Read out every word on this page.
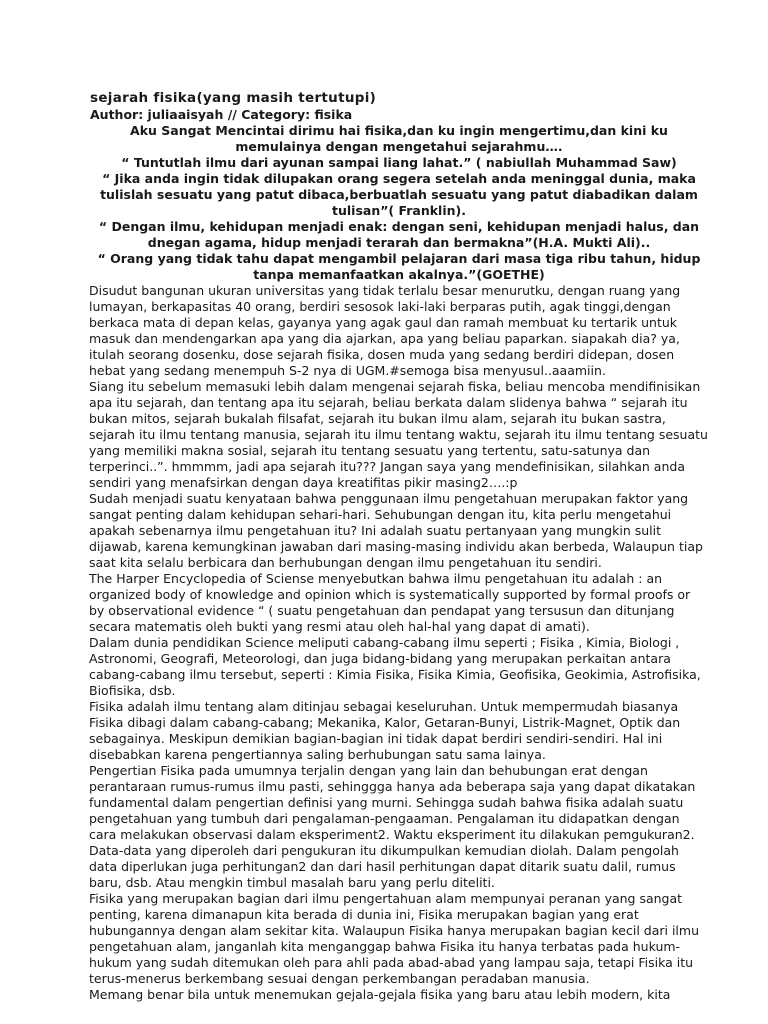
sejarah fisika(yang masih tertutupi)

Author: juliaaisyah // Category: fisika

Aku Sangat Mencintai dirimu hai fisika,dan ku ingin mengertimu,dan kini ku memulainya dengan mengetahui sejarahmu….

“ Tuntutlah ilmu dari ayunan sampai liang lahat.” ( nabiullah Muhammad Saw)

“ Jika anda ingin tidak dilupakan orang segera setelah anda meninggal dunia, maka tulislah sesuatu yang patut dibaca,berbuatlah sesuatu yang patut diabadikan dalam tulisan”( Franklin).

“ Dengan ilmu, kehidupan menjadi enak: dengan seni, kehidupan menjadi halus, dan dnegan agama, hidup menjadi terarah dan bermakna”(H.A. Mukti Ali)..

“ Orang yang tidak tahu dapat mengambil pelajaran dari masa tiga ribu tahun, hidup tanpa memanfaatkan akalnya.”(GOETHE)

Disudut bangunan ukuran universitas yang tidak terlalu besar menurutku, dengan ruang yang lumayan, berkapasitas 40 orang, berdiri sesosok laki-laki berparas putih, agak tinggi,dengan berkaca mata di depan kelas, gayanya yang agak gaul dan ramah membuat ku tertarik untuk masuk dan mendengarkan apa yang dia ajarkan, apa yang beliau paparkan. siapakah dia? ya, itulah seorang dosenku, dose sejarah fisika, dosen muda yang sedang berdiri didepan, dosen hebat yang sedang menempuh S-2 nya di UGM.#semoga bisa menyusul..aaamiin.

Siang itu sebelum memasuki lebih dalam mengenai sejarah fiska, beliau mencoba mendifinisikan apa itu sejarah, dan tentang apa itu sejarah, beliau berkata dalam slidenya bahwa “ sejarah itu bukan mitos, sejarah bukalah filsafat, sejarah itu bukan ilmu alam, sejarah itu bukan sastra, sejarah itu ilmu tentang manusia, sejarah itu ilmu tentang waktu, sejarah itu ilmu tentang sesuatu yang memiliki makna sosial, sejarah itu tentang sesuatu yang tertentu, satu-satunya dan terperinci..”. hmmmm, jadi apa sejarah itu??? Jangan saya yang mendefinisikan, silahkan anda sendiri yang menafsirkan dengan daya kreatifitas pikir masing2….:p

Sudah menjadi suatu kenyataan bahwa penggunaan ilmu pengetahuan merupakan faktor yang sangat penting dalam kehidupan sehari-hari. Sehubungan dengan itu, kita perlu mengetahui apakah sebenarnya ilmu pengetahuan itu? Ini adalah suatu pertanyaan yang mungkin sulit dijawab, karena kemungkinan jawaban dari masing-masing individu akan berbeda, Walaupun tiap saat kita selalu berbicara dan berhubungan dengan ilmu pengetahuan itu sendiri.

The Harper Encyclopedia of Sciense menyebutkan bahwa ilmu pengetahuan itu adalah : an organized body of knowledge and opinion which is systematically supported by formal proofs or by observational evidence “ ( suatu pengetahuan dan pendapat yang tersusun dan ditunjang secara matematis oleh bukti yang resmi atau oleh hal-hal yang dapat di amati).

Dalam dunia pendidikan Science meliputi cabang-cabang ilmu seperti ; Fisika , Kimia, Biologi , Astronomi, Geografi, Meteorologi, dan juga bidang-bidang yang merupakan perkaitan antara cabang-cabang ilmu tersebut, seperti : Kimia Fisika, Fisika Kimia, Geofisika, Geokimia, Astrofisika, Biofisika, dsb.

Fisika adalah ilmu tentang alam ditinjau sebagai keseluruhan. Untuk mempermudah biasanya Fisika dibagi dalam cabang-cabang; Mekanika, Kalor, Getaran-Bunyi, Listrik-Magnet, Optik dan sebagainya. Meskipun demikian bagian-bagian ini tidak dapat berdiri sendiri-sendiri. Hal ini disebabkan karena pengertiannya saling berhubungan satu sama lainya.

Pengertian Fisika pada umumnya terjalin dengan yang lain dan behubungan erat dengan perantaraan rumus-rumus ilmu pasti, sehinggga hanya ada beberapa saja yang dapat dikatakan fundamental dalam pengertian definisi yang murni. Sehingga sudah bahwa fisika adalah suatu pengetahuan yang tumbuh dari pengalaman-pengaaman. Pengalaman itu didapatkan dengan cara melakukan observasi dalam eksperiment2. Waktu eksperiment itu dilakukan pemgukuran2. Data-data yang diperoleh dari pengukuran itu dikumpulkan kemudian diolah. Dalam pengolah data diperlukan juga perhitungan2 dan dari hasil perhitungan dapat ditarik suatu dalil, rumus baru, dsb. Atau mengkin timbul masalah baru yang perlu diteliti.

Fisika yang merupakan bagian dari ilmu pengertahuan alam mempunyai peranan yang sangat penting, karena dimanapun kita berada di dunia ini, Fisika merupakan bagian yang erat hubungannya dengan alam sekitar kita. Walaupun Fisika hanya merupakan bagian kecil dari ilmu pengetahuan alam, janganlah kita menganggap bahwa Fisika itu hanya terbatas pada hukum-hukum yang sudah ditemukan oleh para ahli pada abad-abad yang lampau saja, tetapi Fisika itu terus-menerus berkembang sesuai dengan perkembangan peradaban manusia.

Memang benar bila untuk menemukan gejala-gejala fisika yang baru atau lebih modern, kita
